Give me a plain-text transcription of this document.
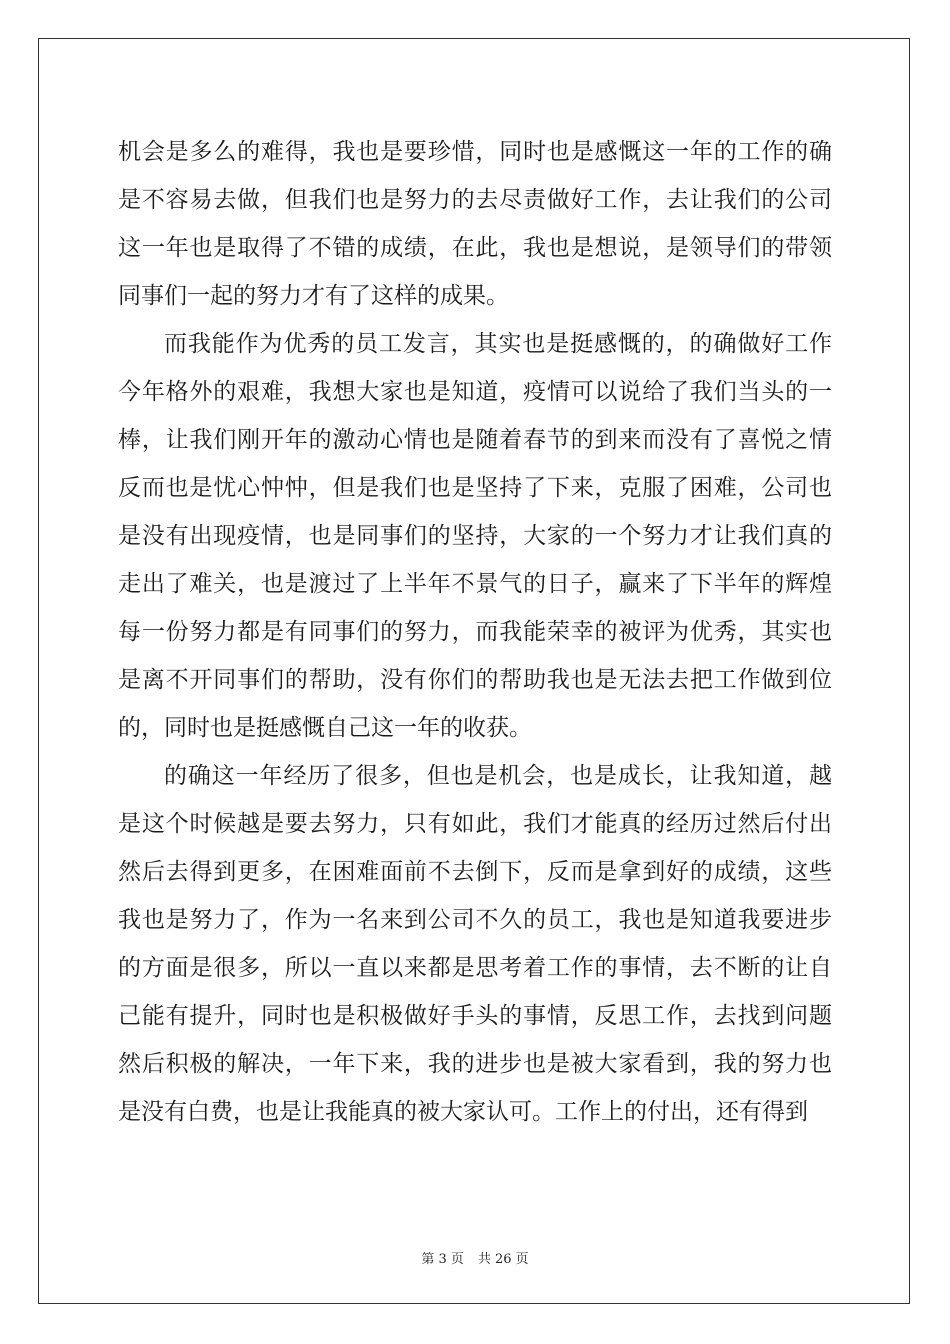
机会是多么的难得，我也是要珍惜，同时也是感慨这一年的工作的确
是不容易去做，但我们也是努力的去尽责做好工作，去让我们的公司
这一年也是取得了不错的成绩，在此，我也是想说，是领导们的带领
同事们一起的努力才有了这样的成果。
而我能作为优秀的员工发言，其实也是挺感慨的，的确做好工作
今年格外的艰难，我想大家也是知道，疫情可以说给了我们当头的一
棒，让我们刚开年的激动心情也是随着春节的到来而没有了喜悦之情
反而也是忧心忡忡，但是我们也是坚持了下来，克服了困难，公司也
是没有出现疫情，也是同事们的坚持，大家的一个努力才让我们真的
走出了难关，也是渡过了上半年不景气的日子，赢来了下半年的辉煌
每一份努力都是有同事们的努力，而我能荣幸的被评为优秀，其实也
是离不开同事们的帮助，没有你们的帮助我也是无法去把工作做到位
的，同时也是挺感慨自己这一年的收获。
的确这一年经历了很多，但也是机会，也是成长，让我知道，越
是这个时候越是要去努力，只有如此，我们才能真的经历过然后付出
然后去得到更多，在困难面前不去倒下，反而是拿到好的成绩，这些
我也是努力了，作为一名来到公司不久的员工，我也是知道我要进步
的方面是很多，所以一直以来都是思考着工作的事情，去不断的让自
己能有提升，同时也是积极做好手头的事情，反思工作，去找到问题
然后积极的解决，一年下来，我的进步也是被大家看到，我的努力也
是没有白费，也是让我能真的被大家认可。工作上的付出，还有得到
第 3 页 共 26 页
